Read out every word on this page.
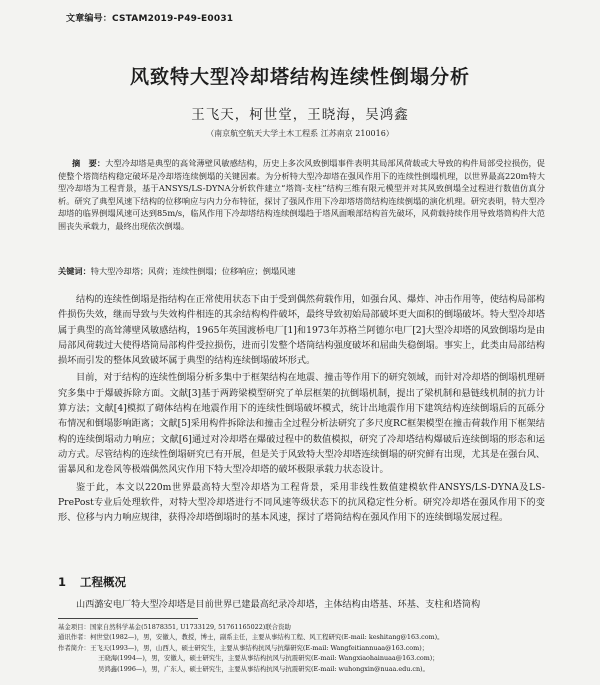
文章编号：CSTAM2019-P49-E0031
风致特大型冷却塔结构连续性倒塌分析
王飞天，柯世堂，王晓海，吴鸿鑫
（南京航空航天大学土木工程系 江苏南京 210016）

摘　要：大型冷却塔是典型的高耸薄壁风敏感结构，历史上多次风致倒塌事件表明其局部风荷载或大导致的构件局部受拉损伤，促使整个塔筒结构稳定破坏是冷却塔连续倒塌的关键因素。为分析特大型冷却塔在强风作用下的连续性倒塌机理，以世界最高220m特大型冷却塔为工程背景，基于ANSYS/LS-DYNA分析软件建立“塔筒-支柱”结构三维有限元模型并对其风致倒塌全过程进行数值仿真分析。研究了典型风速下结构的位移响应与内力分布特征，探讨了强风作用下冷却塔塔筒结构连续倒塌的演化机理。研究表明，特大型冷却塔的临界倒塌风速可达到85m/s，临风作用下冷却塔结构连续倒塌趋于塔风面喉部结构首先破坏，风荷载持续作用导致塔筒构件大范围丧失承载力，最终出现依次倒塌。

关键词：特大型冷却塔；风荷；连续性倒塌；位移响应；倒塌风速

结构的连续性倒塌是指结构在正常使用状态下由于受到偶然荷载作用，如强台风、爆炸、冲击作用等，使结构局部构件损伤失效，继而导致与失效构件相连的其余结构构件破坏，最终导致初始局部破坏更大面积的倒塌破坏。特大型冷却塔属于典型的高耸薄壁风敏感结构，1965年英国渡桥电厂[1]和1973年苏格兰阿德尔电厂[2]大型冷却塔的风致倒塌均是由局部风荷载过大使得塔筒局部构件受拉损伤，进而引发整个塔筒结构强度破坏和屈曲失稳倒塌。事实上，此类由局部结构损坏而引发的整体风致破坏属于典型的结构连续倒塌破坏形式。

目前，对于结构的连续性倒塌分析多集中于框架结构在地震、撞击等作用下的研究领域，而针对冷却塔的倒塌机理研究多集中于爆破拆除方面。文献[3]基于两跨梁模型研究了单层框架的抗倒塌机制，提出了梁机制和悬链线机制的抗力计算方法；文献[4]模拟了砌体结构在地震作用下的连续性倒塌破坏模式，统计出地震作用下建筑结构连续倒塌后的瓦砾分布情况和倒塌影响距离；文献[5]采用构件拆除法和撞击全过程分析法研究了多尺度RC框架模型在撞击荷载作用下框架结构的连续倒塌动力响应；文献[6]通过对冷却塔在爆破过程中的数值模拟，研究了冷却塔结构爆破后连续倒塌的形态和运动方式。尽管结构的连续性倒塌研究已有开展，但是关于风致特大型冷却塔连续倒塌的研究鲜有出现，尤其是在强台风、雷暴风和龙卷风等极端偶然风灾作用下特大型冷却塔的破坏极限承载力状态设计。

鉴于此，本文以220m世界最高特大型冷却塔为工程背景，采用非线性数值建模软件ANSYS/LS-DYNA及LS-PrePost专业后处理软件，对特大型冷却塔进行不同风速等级状态下的抗风稳定性分析。研究冷却塔在强风作用下的变形、位移与内力响应规律，获得冷却塔倒塌时的基本风速，探讨了塔筒结构在强风作用下的连续倒塌发展过程。

1 工程概况

山西潞安电厂特大型冷却塔是目前世界已建最高纪录冷却塔，主体结构由塔基、环基、支柱和塔筒构

基金项目：国家自然科学基金(51878351, U1733129, 51761165022)联合资助
通讯作者：柯世堂(1982—)，男，安徽人，教授，博士，副系主任，主要从事结构工程、风工程研究(E-mail: keshitang@163.com)。
作者简介：王飞天(1993—)，男，山西人，硕士研究生，主要从事结构抗风与抗爆研究(E-mail: Wangfeitiannuaa@163.com)；
王晓海(1994—)，男，安徽人，硕士研究生，主要从事结构抗风与抗震研究(E-mail: Wangxiaohainuaa@163.com)；
吴鸿鑫(1996—)，男，广东人，硕士研究生，主要从事结构抗风与抗震研究(E-mail: wuhongxin@nuaa.edu.cn)。
